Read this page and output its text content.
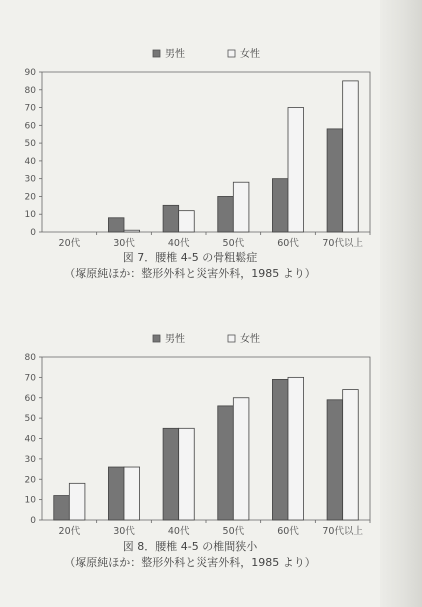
男性	女性
0
10
20
30
40
50
60
70
80
90
20代	30代	40代	50代	60代 70代以上

図 7．腰椎 4-5 の骨粗鬆症

（塚原純ほか：整形外科と災害外科，1985 より）

男性	女性
0
10
20
30
40
50
60
70
80
20代	30代	40代	50代	60代 70代以上

図 8．腰椎 4-5 の椎間狭小

（塚原純ほか：整形外科と災害外科，1985 より）
